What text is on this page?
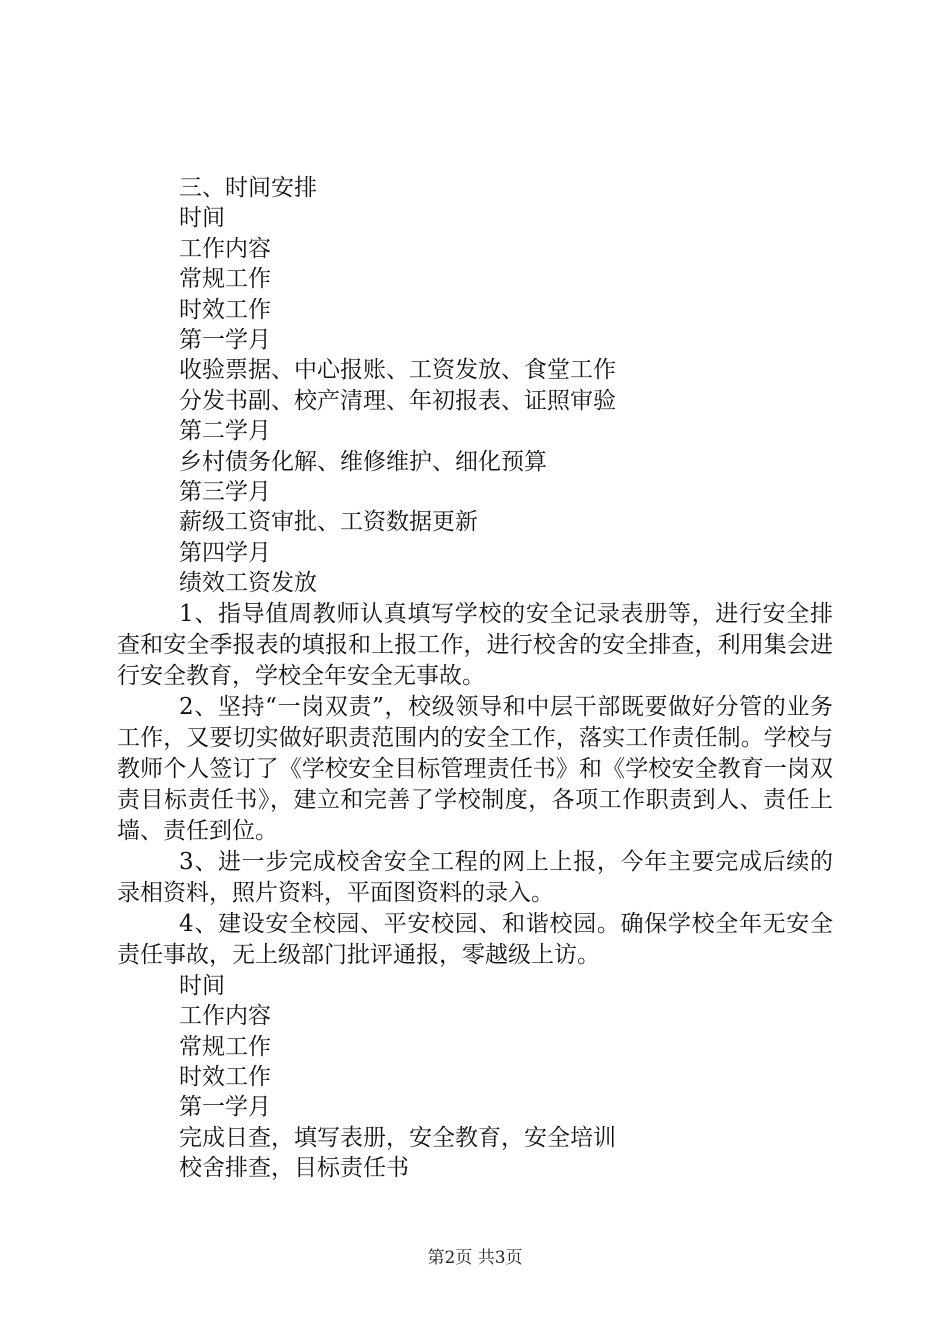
三、时间安排
时间
工作内容
常规工作
时效工作
第一学月
收验票据、中心报账、工资发放、食堂工作
分发书副、校产清理、年初报表、证照审验
第二学月
乡村债务化解、维修维护、细化预算
第三学月
薪级工资审批、工资数据更新
第四学月
绩效工资发放
1、指导值周教师认真填写学校的安全记录表册等，进行安全排查和安全季报表的填报和上报工作，进行校舍的安全排查，利用集会进行安全教育，学校全年安全无事故。
2、坚持“一岗双责”，校级领导和中层干部既要做好分管的业务工作，又要切实做好职责范围内的安全工作，落实工作责任制。学校与教师个人签订了《学校安全目标管理责任书》和《学校安全教育一岗双责目标责任书》，建立和完善了学校制度，各项工作职责到人、责任上墙、责任到位。
3、进一步完成校舍安全工程的网上上报，今年主要完成后续的录相资料，照片资料，平面图资料的录入。
4、建设安全校园、平安校园、和谐校园。确保学校全年无安全责任事故，无上级部门批评通报，零越级上访。
时间
工作内容
常规工作
时效工作
第一学月
完成日查，填写表册，安全教育，安全培训
校舍排查，目标责任书
第2页 共3页
